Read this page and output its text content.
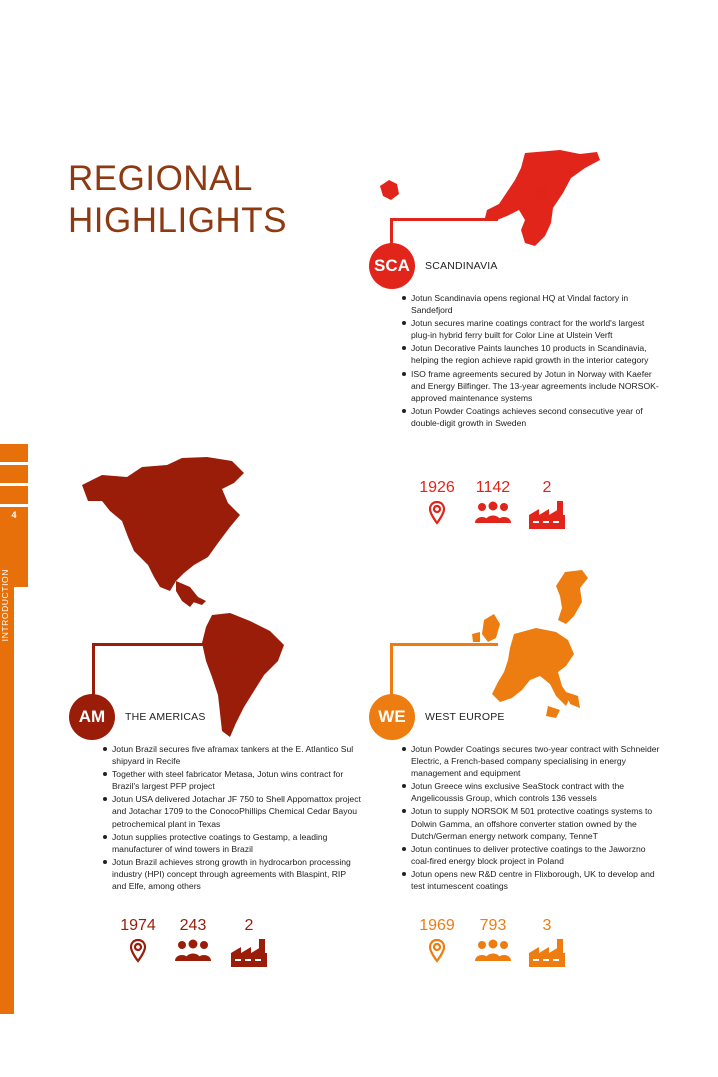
REGIONAL
HIGHLIGHTS
4
INTRODUCTION
SCA	SCANDINAVIA
Jotun Scandinavia opens regional HQ at Vindal factory in Sandefjord
Jotun secures marine coatings contract for the world's largest plug-in hybrid ferry built for Color Line at Ulstein Verft
Jotun Decorative Paints launches 10 products in Scandinavia, helping the region achieve rapid growth in the interior category
ISO frame agreements secured by Jotun in Norway with Kaefer and Energy Bilfinger. The 13-year agreements include NORSOK-approved maintenance systems
Jotun Powder Coatings achieves second consecutive year of double-digit growth in Sweden
1926	1142	2
AM	THE AMERICAS
Jotun Brazil secures five aframax tankers at the E. Atlantico Sul shipyard in Recife
Together with steel fabricator Metasa, Jotun wins contract for Brazil's largest PFP project
Jotun USA delivered Jotachar JF 750 to Shell Appomattox project and Jotachar 1709 to the ConocoPhillips Chemical Cedar Bayou petrochemical plant in Texas
Jotun supplies protective coatings to Gestamp, a leading manufacturer of wind towers in Brazil
Jotun Brazil achieves strong growth in hydrocarbon processing industry (HPI) concept through agreements with Blaspint, RIP and Elfe, among others
1974	243	2
WE	WEST EUROPE
Jotun Powder Coatings secures two-year contract with Schneider Electric, a French-based company specialising in energy management and equipment
Jotun Greece wins exclusive SeaStock contract with the Angelicoussis Group, which controls 136 vessels
Jotun to supply NORSOK M 501 protective coatings systems to Dolwin Gamma, an offshore converter station owned by the Dutch/German energy network company, TenneT
Jotun continues to deliver protective coatings to the Jaworzno coal-fired energy block project in Poland
Jotun opens new R&D centre in Flixborough, UK to develop and test intumescent coatings
1969	793	3
